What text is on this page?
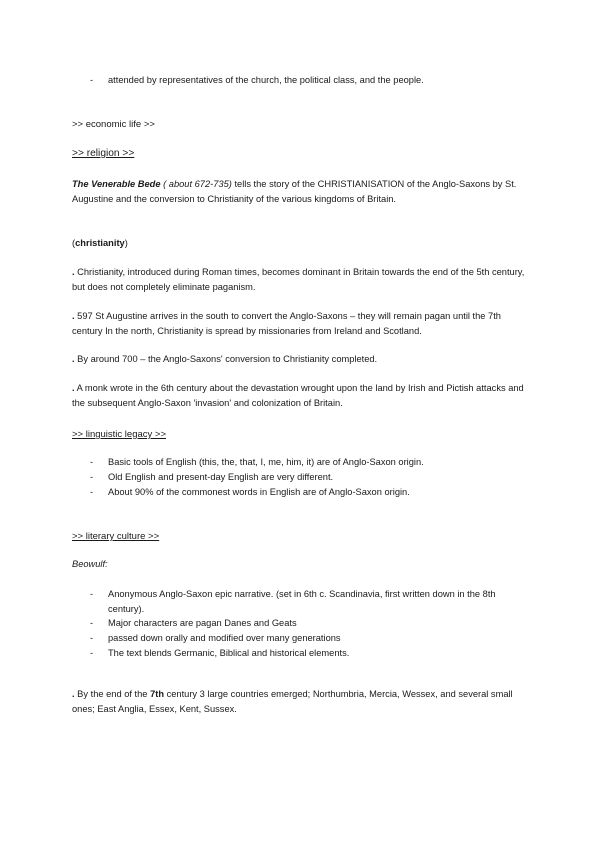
- attended by representatives of the church, the political class, and the people.

>> economic life >>

>> religion >>

The Venerable Bede ( about 672-735) tells the story of the CHRISTIANISATION of the Anglo-Saxons by St. Augustine and the conversion to Christianity of the various kingdoms of Britain.

(christianity)

. Christianity, introduced during Roman times, becomes dominant in Britain towards the end of the 5th century, but does not completely eliminate paganism.

. 597 St Augustine arrives in the south to convert the Anglo-Saxons – they will remain pagan until the 7th century In the north, Christianity is spread by missionaries from Ireland and Scotland.

. By around 700 – the Anglo-Saxons' conversion to Christianity completed.

. A monk wrote in the 6th century about the devastation wrought upon the land by Irish and Pictish attacks and the subsequent Anglo-Saxon 'invasion' and colonization of Britain.

>> linguistic legacy >>

- Basic tools of English (this, the, that, I, me, him, it) are of Anglo-Saxon origin.

- Old English and present-day English are very different.

- About 90% of the commonest words in English are of Anglo-Saxon origin.

>> literary culture >>

Beowulf:

- Anonymous Anglo-Saxon epic narrative. (set in 6th c. Scandinavia, first written down in the 8th century).

- Major characters are pagan Danes and Geats

- passed down orally and modified over many generations

- The text blends Germanic, Biblical and historical elements.

. By the end of the 7th century 3 large countries emerged; Northumbria, Mercia, Wessex, and several small ones; East Anglia, Essex, Kent, Sussex.
